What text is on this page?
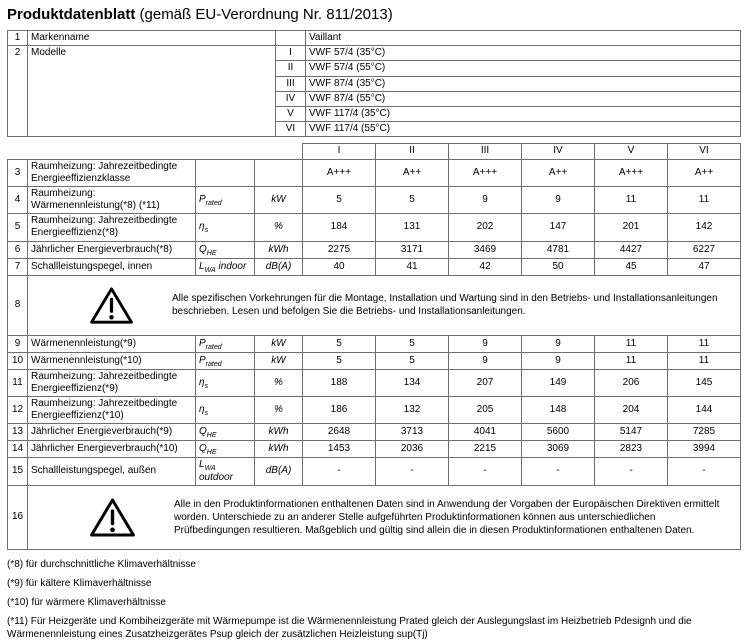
Produktdatenblatt (gemäß EU-Verordnung Nr. 811/2013)
1	Markenname		Vaillant
2	Modelle	I	VWF 57/4 (35°C)
		II	VWF 57/4 (55°C)
		III	VWF 87/4 (35°C)
		IV	VWF 87/4 (55°C)
		V	VWF 117/4 (35°C)
		VI	VWF 117/4 (55°C)
				I	II	III	IV	V	VI
3	Raumheizung: Jahrezeitbedingte Energieeffizienzklasse			A+++	A++	A+++	A++	A+++	A++
4	Raumheizung: Wärmenennleistung(*8) (*11)	$P_{rated}$	kW	5	5	9	9	11	11
5	Raumheizung: Jahrezeitbedingte Energieeffizienz(*8)	$\eta_s$	%	184	131	202	147	201	142
6	Jährlicher Energieverbrauch(*8)	$Q_{HE}$	kWh	2275	3171	3469	4781	4427	6227
7	Schallleistungspegel, innen	$L_{WA}$ indoor	dB(A)	40	41	42	50	45	47
8	Alle spezifischen Vorkehrungen für die Montage, Installation und Wartung sind in den Betriebs- und Installationsanleitungen beschrieben. Lesen und befolgen Sie die Betriebs- und Installationsanleitungen.								

9	Wärmenennleistung(*9)	$P_{rated}$	kW	5	5	9	9	11	11
10	Wärmenennleistung(*10)	$P_{rated}$	kW	5	5	9	9	11	11
11	Raumheizung: Jahrezeitbedingte Energieeffizienz(*9)	$\eta_s$	%	188	134	207	149	206	145
12	Raumheizung: Jahrezeitbedingte Energieeffizienz(*10)	$\eta_s$	%	186	132	205	148	204	144
13	Jährlicher Energieverbrauch(*9)	$Q_{HE}$	kWh	2648	3713	4041	5600	5147	7285
14	Jährlicher Energieverbrauch(*10)	$Q_{HE}$	kWh	1453	2036	2215	3069	2823	3994
15	Schallleistungspegel, außen	$L_{WA}$ outdoor	dB(A)	-	-	-	-	-	-
16	Alle in den Produktinformationen enthaltenen Daten sind in Anwendung der Vorgaben der Europäischen Direktiven ermittelt worden. Unterschiede zu an anderer Stelle aufgeführten Produktinformationen können aus unterschiedlichen Prüfbedingungen resultieren. Maßgeblich und gültig sind allein die in diesen Produktinformationen enthaltenen Daten.								
(*8) für durchschnittliche Klimaverhältnisse
(*9) für kältere Klimaverhältnisse
(*10) für wärmere Klimaverhältnisse
(*11) Für Heizgeräte und Kombiheizgeräte mit Wärmepumpe ist die Wärmenennleistung Prated gleich der Auslegungslast im Heizbetrieb Pdesignh und die Wärmenennleistung eines Zusatzheizgerätes Psup gleich der zusätzlichen Heizleistung sup(Tj)
